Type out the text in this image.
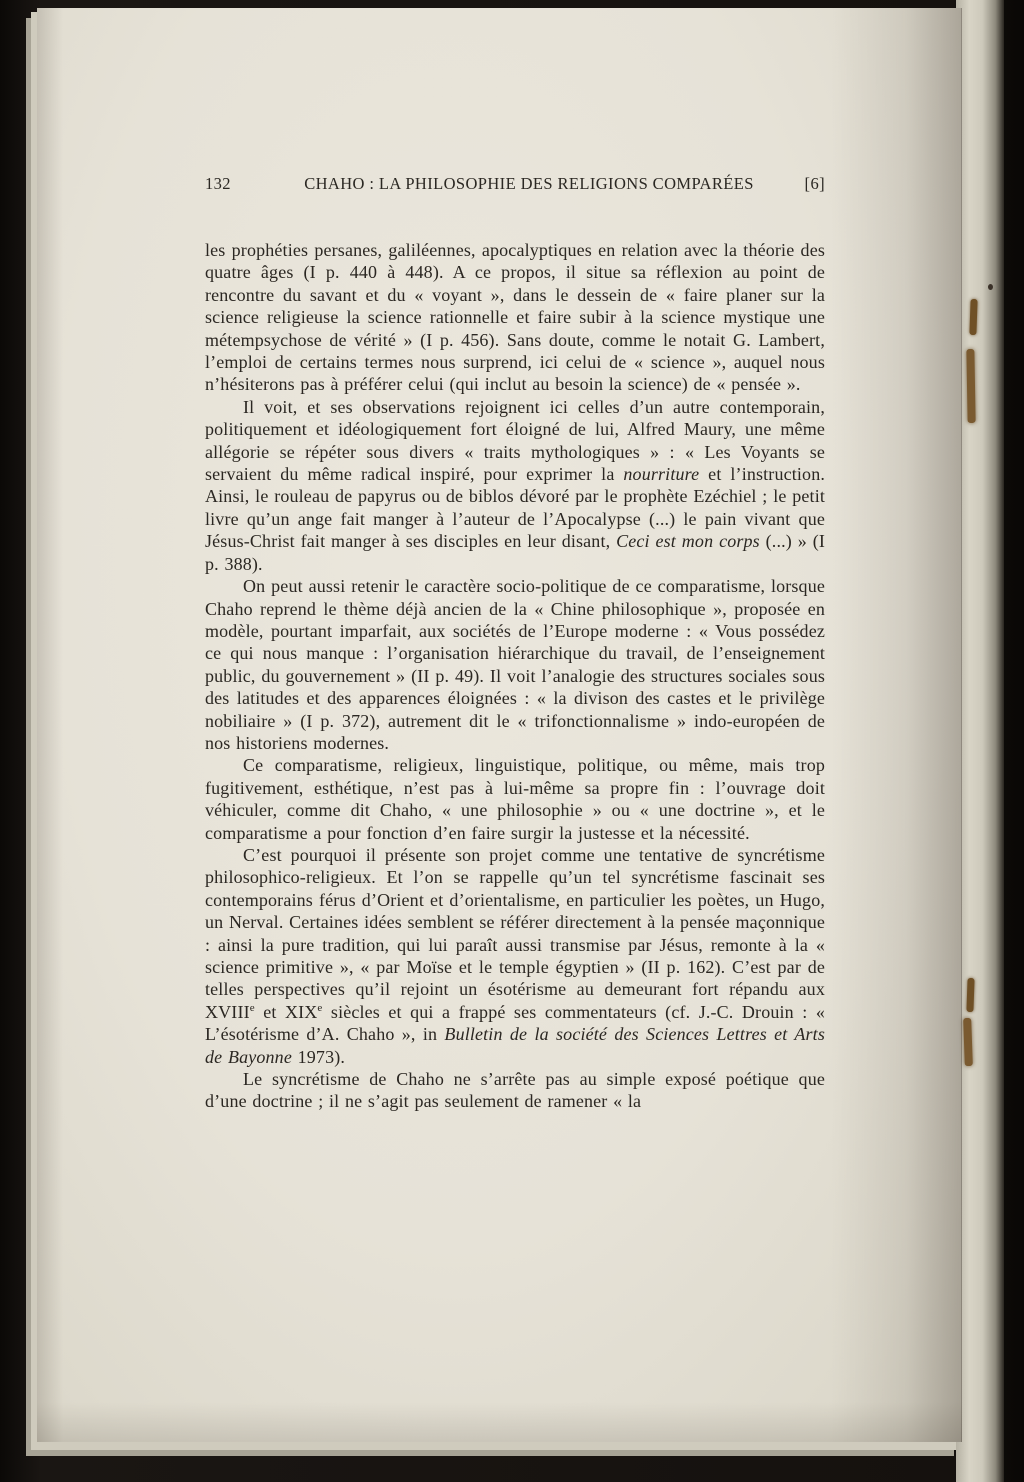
132	CHAHO : LA PHILOSOPHIE DES RELIGIONS COMPARÉES	[6]

les prophéties persanes, galiléennes, apocalyptiques en relation avec la théorie des quatre âges (I p. 440 à 448). A ce propos, il situe sa réflexion au point de rencontre du savant et du « voyant », dans le dessein de « faire planer sur la science religieuse la science rationnelle et faire subir à la science mystique une métempsychose de vérité » (I p. 456). Sans doute, comme le notait G. Lambert, l’emploi de certains termes nous surprend, ici celui de « science », auquel nous n’hésiterons pas à préférer celui (qui inclut au besoin la science) de « pensée ».

Il voit, et ses observations rejoignent ici celles d’un autre contemporain, politiquement et idéologiquement fort éloigné de lui, Alfred Maury, une même allégorie se répéter sous divers « traits mythologiques » : « Les Voyants se servaient du même radical inspiré, pour exprimer la nourriture et l’instruction. Ainsi, le rouleau de papyrus ou de biblos dévoré par le prophète Ezéchiel ; le petit livre qu’un ange fait manger à l’auteur de l’Apocalypse (...) le pain vivant que Jésus-Christ fait manger à ses disciples en leur disant, Ceci est mon corps (...) » (I p. 388).

On peut aussi retenir le caractère socio-politique de ce comparatisme, lorsque Chaho reprend le thème déjà ancien de la « Chine philosophique », proposée en modèle, pourtant imparfait, aux sociétés de l’Europe moderne : « Vous possédez ce qui nous manque : l’organisation hiérarchique du travail, de l’enseignement public, du gouvernement » (II p. 49). Il voit l’analogie des structures sociales sous des latitudes et des apparences éloignées : « la divison des castes et le privilège nobiliaire » (I p. 372), autrement dit le « trifonctionnalisme » indo-européen de nos historiens modernes.

Ce comparatisme, religieux, linguistique, politique, ou même, mais trop fugitivement, esthétique, n’est pas à lui-même sa propre fin : l’ouvrage doit véhiculer, comme dit Chaho, « une philosophie » ou « une doctrine », et le comparatisme a pour fonction d’en faire surgir la justesse et la nécessité.

C’est pourquoi il présente son projet comme une tentative de syncrétisme philosophico-religieux. Et l’on se rappelle qu’un tel syncrétisme fascinait ses contemporains férus d’Orient et d’orientalisme, en particulier les poètes, un Hugo, un Nerval. Certaines idées semblent se référer directement à la pensée maçonnique : ainsi la pure tradition, qui lui paraît aussi transmise par Jésus, remonte à la « science primitive », « par Moïse et le temple égyptien » (II p. 162). C’est par de telles perspectives qu’il rejoint un ésotérisme au demeurant fort répandu aux XVIIIe et XIXe siècles et qui a frappé ses commentateurs (cf. J.-C. Drouin : « L’ésotérisme d’A. Chaho », in Bulletin de la société des Sciences Lettres et Arts de Bayonne 1973).

Le syncrétisme de Chaho ne s’arrête pas au simple exposé poétique que d’une doctrine ; il ne s’agit pas seulement de ramener « la
